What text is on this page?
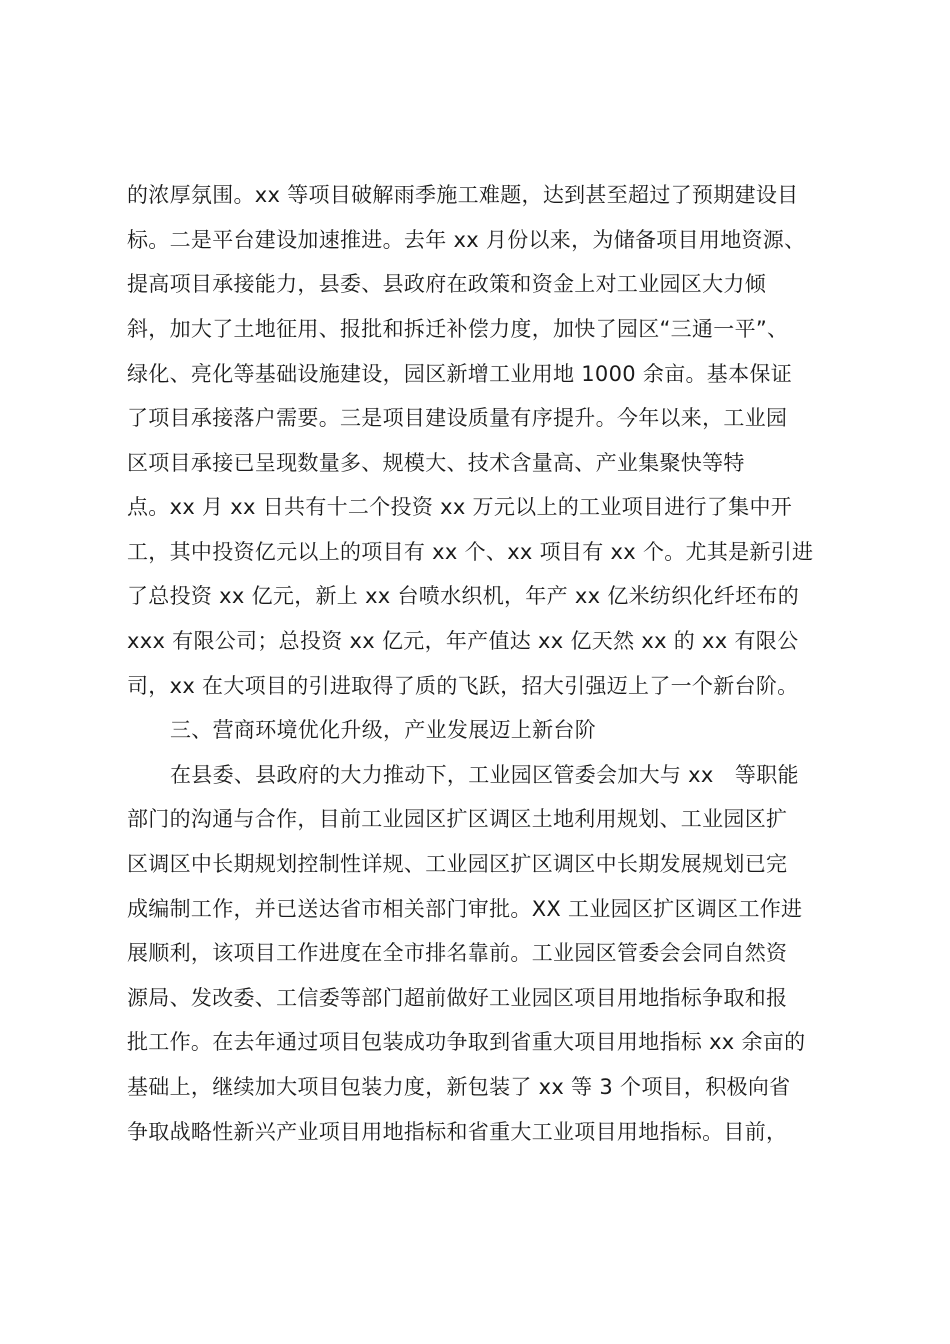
的浓厚氛围。xx 等项目破解雨季施工难题，达到甚至超过了预期建设目
标。二是平台建设加速推进。去年 xx 月份以来，为储备项目用地资源、
提高项目承接能力，县委、县政府在政策和资金上对工业园区大力倾
斜，加大了土地征用、报批和拆迁补偿力度，加快了园区“三通一平”、
绿化、亮化等基础设施建设，园区新增工业用地 1000 余亩。基本保证
了项目承接落户需要。三是项目建设质量有序提升。今年以来，工业园
区项目承接已呈现数量多、规模大、技术含量高、产业集聚快等特
点。xx 月 xx 日共有十二个投资 xx 万元以上的工业项目进行了集中开
工，其中投资亿元以上的项目有 xx 个、xx 项目有 xx 个。尤其是新引进
了总投资 xx 亿元，新上 xx 台喷水织机，年产 xx 亿米纺织化纤坯布的
xxx 有限公司；总投资 xx 亿元，年产值达 xx 亿天然 xx 的 xx 有限公
司，xx 在大项目的引进取得了质的飞跃，招大引强迈上了一个新台阶。
三、营商环境优化升级，产业发展迈上新台阶
在县委、县政府的大力推动下，工业园区管委会加大与 xx　等职能
部门的沟通与合作，目前工业园区扩区调区土地利用规划、工业园区扩
区调区中长期规划控制性详规、工业园区扩区调区中长期发展规划已完
成编制工作，并已送达省市相关部门审批。XX 工业园区扩区调区工作进
展顺利，该项目工作进度在全市排名靠前。工业园区管委会会同自然资
源局、发改委、工信委等部门超前做好工业园区项目用地指标争取和报
批工作。在去年通过项目包装成功争取到省重大项目用地指标 xx 余亩的
基础上，继续加大项目包装力度，新包装了 xx 等 3 个项目，积极向省
争取战略性新兴产业项目用地指标和省重大工业项目用地指标。目前，
